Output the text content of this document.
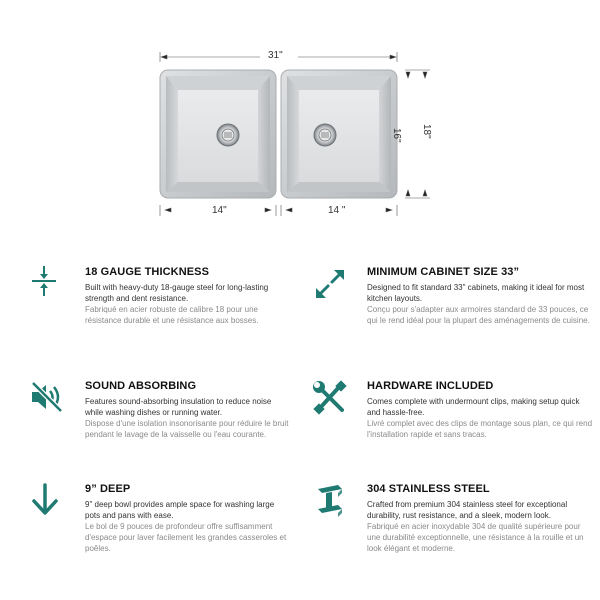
31"
14"	14 "
16" 18"
18 GAUGE THICKNESS

Built with heavy-duty 18-gauge steel for long-lasting strength and dent resistance.

Fabriqué en acier robuste de calibre 18 pour une résistance durable et une résistance aux bosses.

MINIMUM CABINET SIZE 33”

Designed to fit standard 33" cabinets, making it ideal for most kitchen layouts.

Conçu pour s'adapter aux armoires standard de 33 pouces, ce qui le rend idéal pour la plupart des aménagements de cuisine.

SOUND ABSORBING

Features sound-absorbing insulation to reduce noise while washing dishes or running water.

Dispose d'une isolation insonorisante pour réduire le bruit pendant le lavage de la vaisselle ou l'eau courante.

HARDWARE INCLUDED

Comes complete with undermount clips, making setup quick and hassle-free.

Livré complet avec des clips de montage sous plan, ce qui rend l'installation rapide et sans tracas.

9” DEEP

9" deep bowl provides ample space for washing large pots and pans with ease.

Le bol de 9 pouces de profondeur offre suffisamment d'espace pour laver facilement les grandes casseroles et poêles.

304 STAINLESS STEEL

Crafted from premium 304 stainless steel for exceptional durability, rust resistance, and a sleek, modern look.

Fabriqué en acier inoxydable 304 de qualité supérieure pour une durabilité exceptionnelle, une résistance à la rouille et un look élégant et moderne.
